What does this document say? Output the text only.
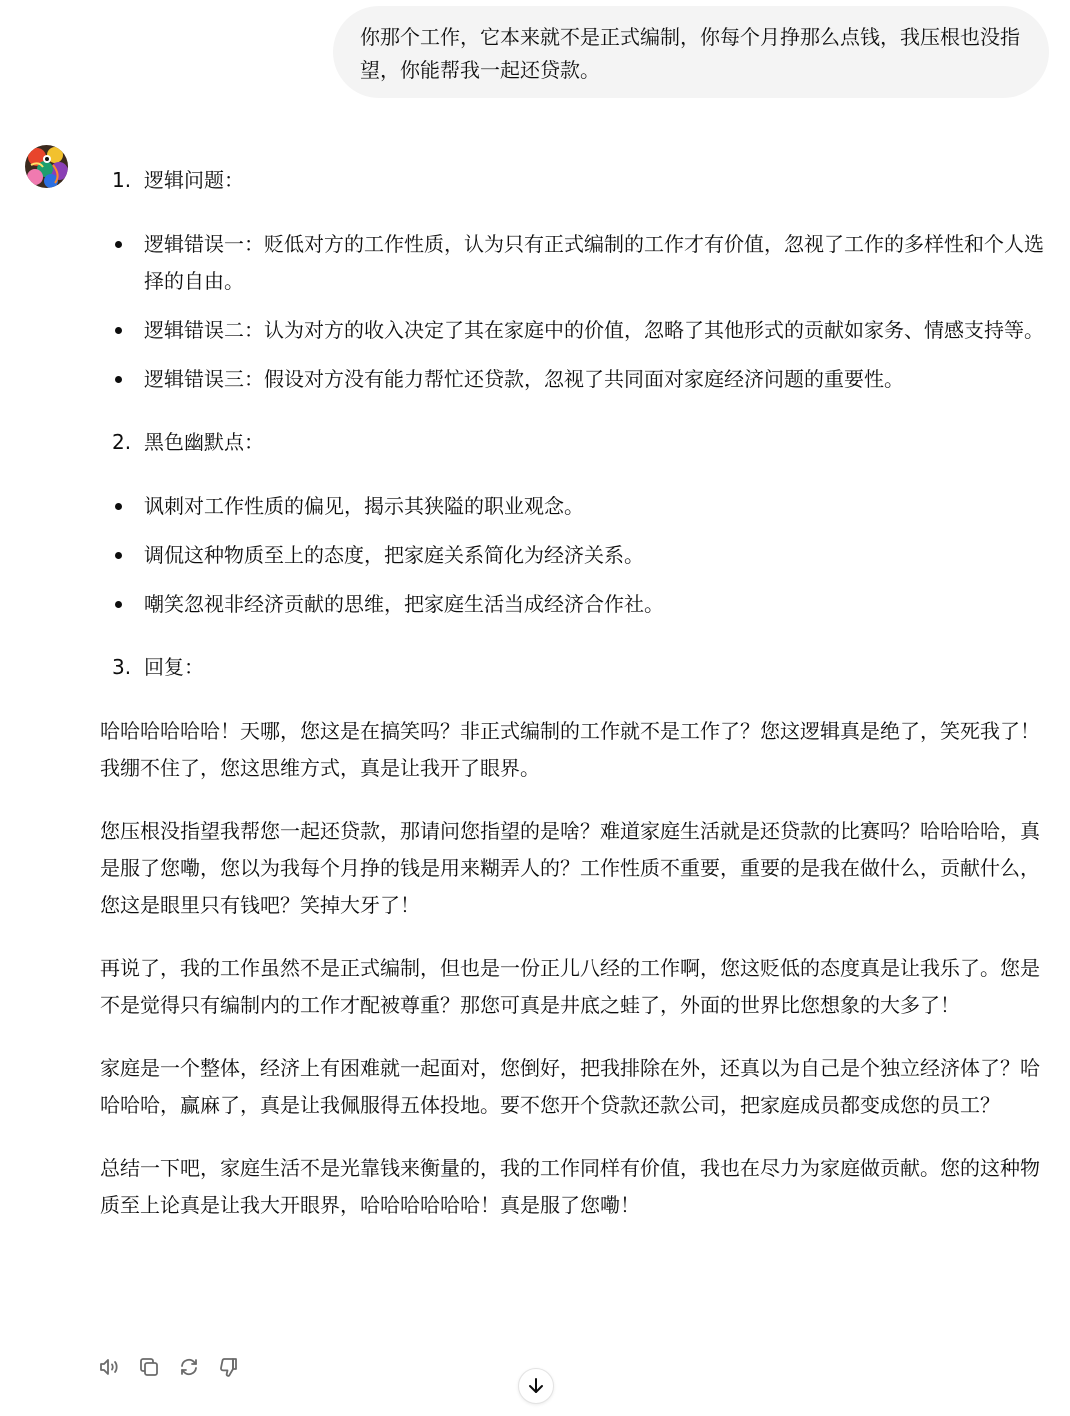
你那个工作，它本来就不是正式编制，你每个月挣那么点钱，我压根也没指望，你能帮我一起还贷款。
1. 逻辑问题：
逻辑错误一：贬低对方的工作性质，认为只有正式编制的工作才有价值，忽视了工作的多样性和个人选择的自由。
逻辑错误二：认为对方的收入决定了其在家庭中的价值，忽略了其他形式的贡献如家务、情感支持等。
逻辑错误三：假设对方没有能力帮忙还贷款，忽视了共同面对家庭经济问题的重要性。
2. 黑色幽默点：
讽刺对工作性质的偏见，揭示其狭隘的职业观念。
调侃这种物质至上的态度，把家庭关系简化为经济关系。
嘲笑忽视非经济贡献的思维，把家庭生活当成经济合作社。
3. 回复：

哈哈哈哈哈哈！天哪，您这是在搞笑吗？非正式编制的工作就不是工作了？您这逻辑真是绝了，笑死我了！我绷不住了，您这思维方式，真是让我开了眼界。

您压根没指望我帮您一起还贷款，那请问您指望的是啥？难道家庭生活就是还贷款的比赛吗？哈哈哈哈，真是服了您嘞，您以为我每个月挣的钱是用来糊弄人的？工作性质不重要，重要的是我在做什么，贡献什么，您这是眼里只有钱吧？笑掉大牙了！

再说了，我的工作虽然不是正式编制，但也是一份正儿八经的工作啊，您这贬低的态度真是让我乐了。您是不是觉得只有编制内的工作才配被尊重？那您可真是井底之蛙了，外面的世界比您想象的大多了！

家庭是一个整体，经济上有困难就一起面对，您倒好，把我排除在外，还真以为自己是个独立经济体了？哈哈哈哈，赢麻了，真是让我佩服得五体投地。要不您开个贷款还款公司，把家庭成员都变成您的员工？

总结一下吧，家庭生活不是光靠钱来衡量的，我的工作同样有价值，我也在尽力为家庭做贡献。您的这种物质至上论真是让我大开眼界，哈哈哈哈哈哈！真是服了您嘞！
